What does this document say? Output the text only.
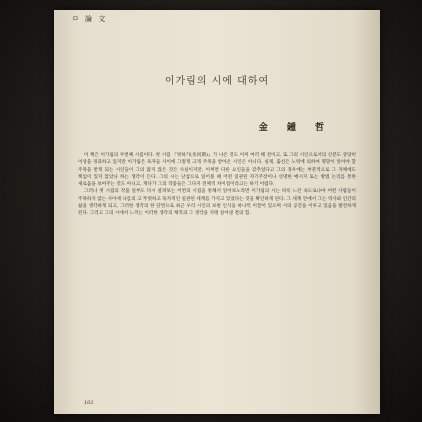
ㅁ 論 文
이가림의 시에 대하여
金 鍾 哲

이 책은 이가림의 두번째 시집이다. 첫 시집 『빙하기(氷河期)』가 나온 것도 이미 여러 해 전이고, 또 그의 시인으로서의 신분도 상당히 이상을 경과하고 있지만 이가림은 독자들 사이에 그렇게 크게 주목을 받아온 시인은 아니다. 실제, 출신은 노력에 의하여 명망이 알아야 할 주목을 받게 되는 시인들이 그의 많지 않은 것은 사실이지만, 어쩌면 다른 요인들을 갖추었다고 그의 경우에는 부분적으로 그 자체에도 책임이 있지 않았나 하는 생각이 든다. 그의 시는 난삽으로 읽어볼 때 어떤 일관된 자기주장이나 선명한 메시지 또는 방법 논리를 통한 새로움을 보여주는 것도 아니고, 게다가 그의 작품들은 그다지 전체적 차이점이라고는 하기 어렵다.

그러나 첫 시집의 작품 일부도 다시 살펴보는 이번의 시집을 통해서 읽어보노라면 이가림의 시는 비록 느린 속도로나마 어떤 사람들이 주목하지 않는 사이에 나름의 고 뚜렷하고 독자적인 일관된 세계를 가지고 있었다는 것을 확인하게 된다. 그 세계 안에서 그는 역사와 인간의 삶을 생각하게 되고, 그러한 생각의 한 단면으로 최근 우리 시인의 보편 인식을 하나씩 이끌어 있으며 시의 공간을 이루고 있음을 발견하게 된다. 그러고 그의 시에서 느끼는 이러한 생각의 체적과 그 생각을 지탱 실어낸 결의 힘.

102
